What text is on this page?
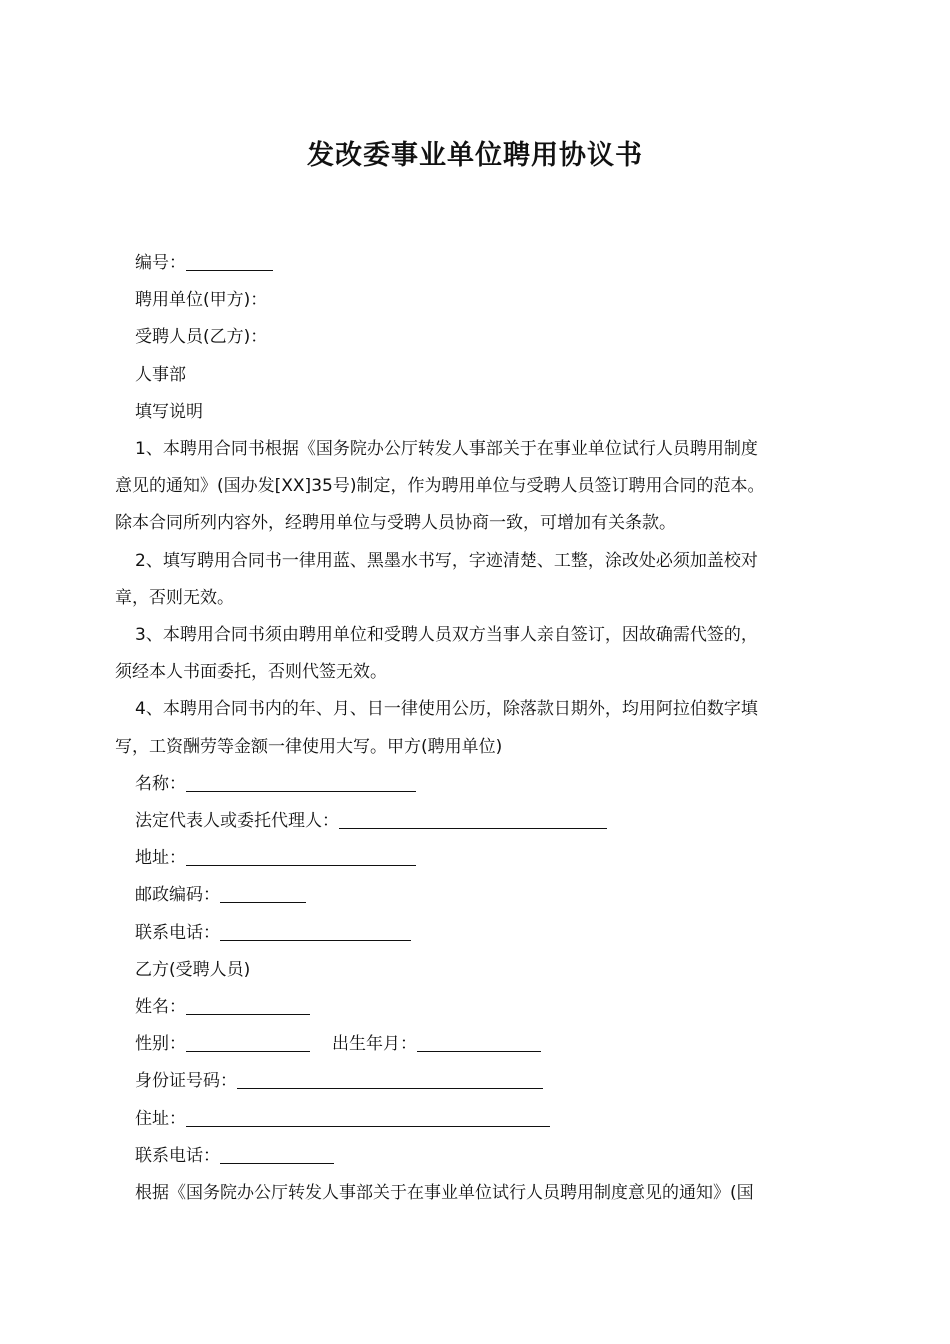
发改委事业单位聘用协议书
编号：
聘用单位(甲方)：
受聘人员(乙方)：
人事部
填写说明
1、本聘用合同书根据《国务院办公厅转发人事部关于在事业单位试行人员聘用制度
意见的通知》(国办发[XX]35号)制定，作为聘用单位与受聘人员签订聘用合同的范本。
除本合同所列内容外，经聘用单位与受聘人员协商一致，可增加有关条款。
2、填写聘用合同书一律用蓝、黑墨水书写，字迹清楚、工整，涂改处必须加盖校对
章，否则无效。
3、本聘用合同书须由聘用单位和受聘人员双方当事人亲自签订，因故确需代签的，
须经本人书面委托，否则代签无效。
4、本聘用合同书内的年、月、日一律使用公历，除落款日期外，均用阿拉伯数字填
写，工资酬劳等金额一律使用大写。甲方(聘用单位)
名称：
法定代表人或委托代理人：
地址：
邮政编码：
联系电话：
乙方(受聘人员)
姓名：
性别：	出生年月：
身份证号码：
住址：
联系电话：
根据《国务院办公厅转发人事部关于在事业单位试行人员聘用制度意见的通知》(国
